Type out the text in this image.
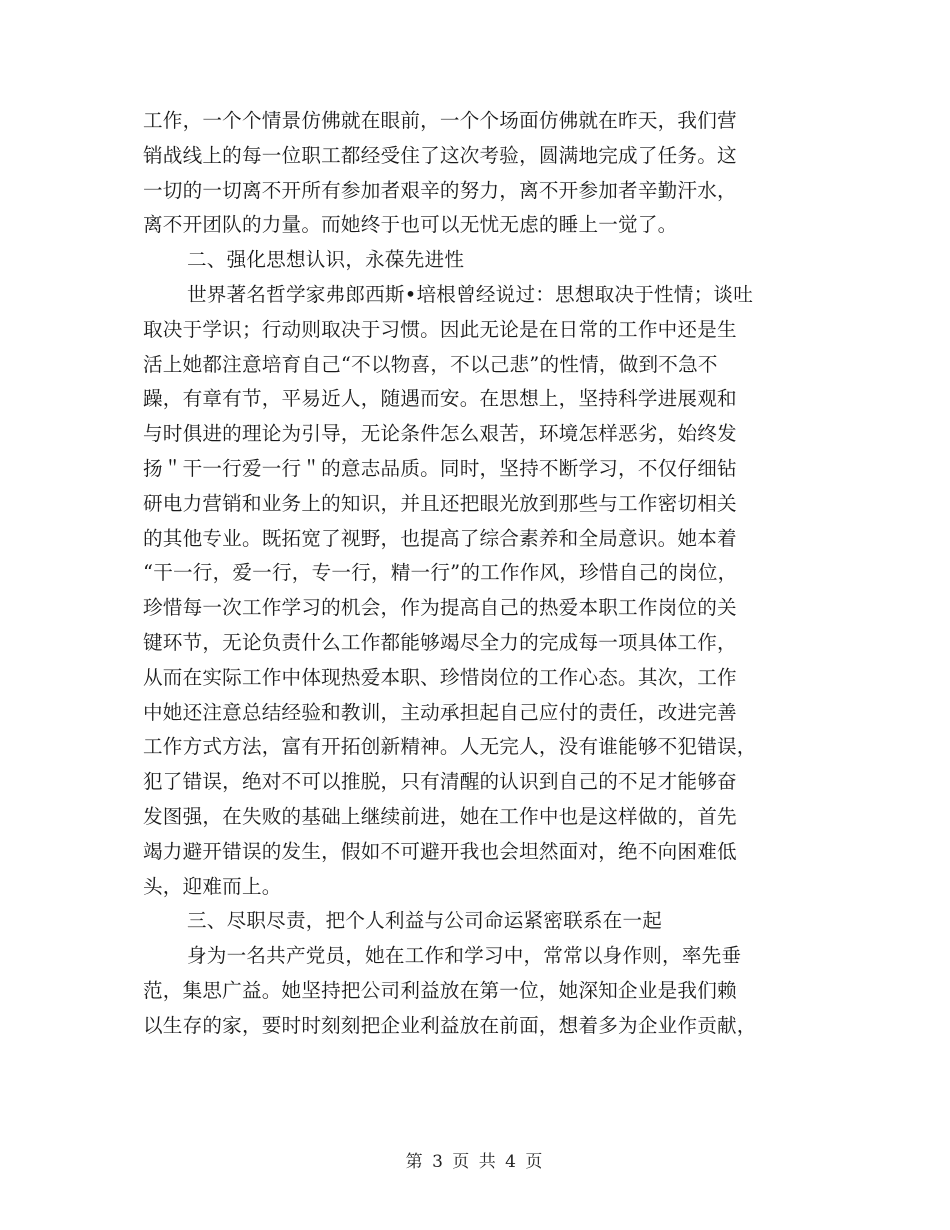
工作，一个个情景仿佛就在眼前，一个个场面仿佛就在昨天，我们营
销战线上的每一位职工都经受住了这次考验，圆满地完成了任务。这
一切的一切离不开所有参加者艰辛的努力，离不开参加者辛勤汗水，
离不开团队的力量。而她终于也可以无忧无虑的睡上一觉了。
二、强化思想认识，永葆先进性
世界著名哲学家弗郎西斯•培根曾经说过：思想取决于性情；谈吐
取决于学识；行动则取决于习惯。因此无论是在日常的工作中还是生
活上她都注意培育自己“不以物喜，不以己悲”的性情，做到不急不
躁，有章有节，平易近人，随遇而安。在思想上，坚持科学进展观和
与时俱进的理论为引导，无论条件怎么艰苦，环境怎样恶劣，始终发
扬＂干一行爱一行＂的意志品质。同时，坚持不断学习，不仅仔细钻
研电力营销和业务上的知识，并且还把眼光放到那些与工作密切相关
的其他专业。既拓宽了视野，也提高了综合素养和全局意识。她本着
“干一行，爱一行，专一行，精一行”的工作作风，珍惜自己的岗位，
珍惜每一次工作学习的机会，作为提高自己的热爱本职工作岗位的关
键环节，无论负责什么工作都能够竭尽全力的完成每一项具体工作，
从而在实际工作中体现热爱本职、珍惜岗位的工作心态。其次，工作
中她还注意总结经验和教训，主动承担起自己应付的责任，改进完善
工作方式方法，富有开拓创新精神。人无完人，没有谁能够不犯错误，
犯了错误，绝对不可以推脱，只有清醒的认识到自己的不足才能够奋
发图强，在失败的基础上继续前进，她在工作中也是这样做的，首先
竭力避开错误的发生，假如不可避开我也会坦然面对，绝不向困难低
头，迎难而上。
三、尽职尽责，把个人利益与公司命运紧密联系在一起
身为一名共产党员，她在工作和学习中，常常以身作则，率先垂
范，集思广益。她坚持把公司利益放在第一位，她深知企业是我们赖
以生存的家，要时时刻刻把企业利益放在前面，想着多为企业作贡献，
第 3 页 共 4 页
